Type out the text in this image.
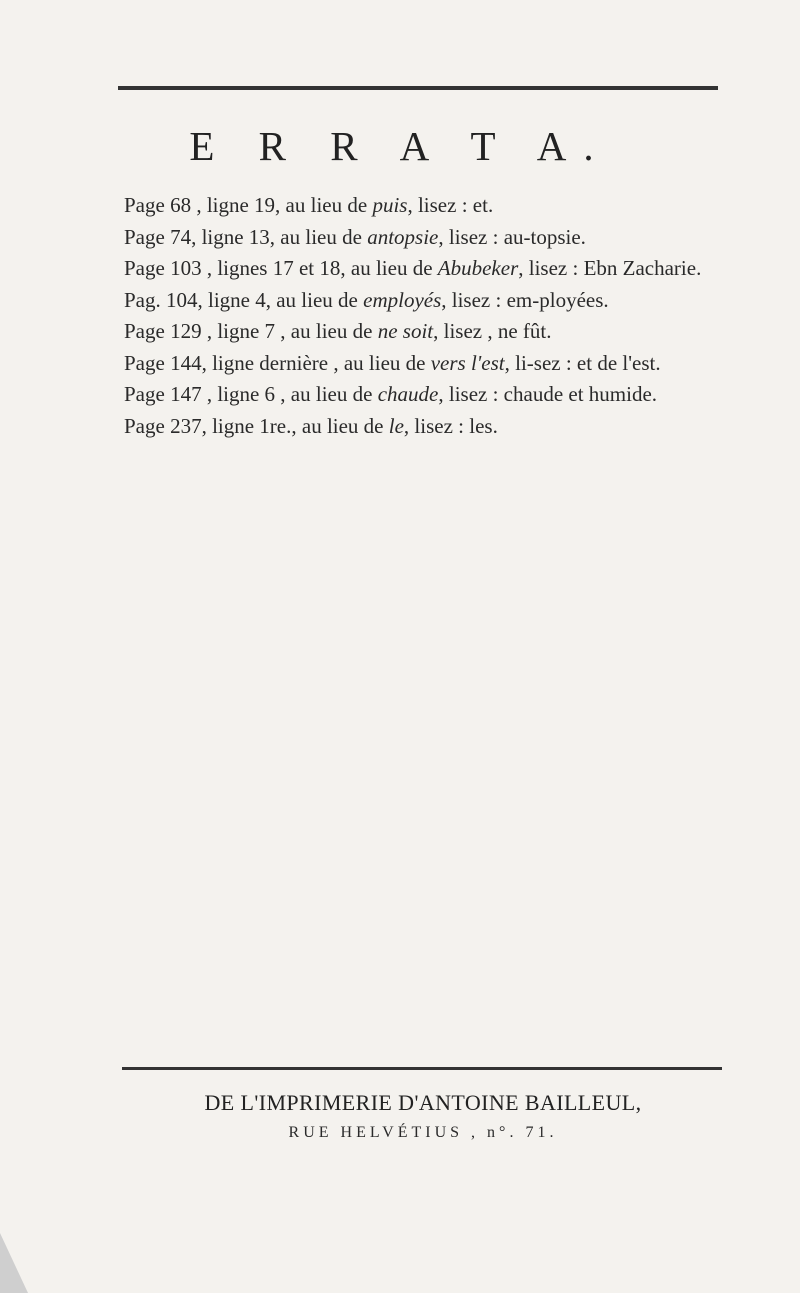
E R R A T A.

Page 68 , ligne 19, au lieu de puis, lisez : et.

Page 74, ligne 13, au lieu de antopsie, lisez : au-topsie.

Page 103 , lignes 17 et 18, au lieu de Abubeker, lisez : Ebn Zacharie.

Pag. 104, ligne 4, au lieu de employés, lisez : em-ployées.

Page 129 , ligne 7 , au lieu de ne soit, lisez , ne fût.

Page 144, ligne dernière , au lieu de vers l'est, li-sez : et de l'est.

Page 147 , ligne 6 , au lieu de chaude, lisez : chaude et humide.

Page 237, ligne 1re., au lieu de le, lisez : les.

DE L'IMPRIMERIE D'ANTOINE BAILLEUL,
RUE HELVÉTIUS , n°. 71.
